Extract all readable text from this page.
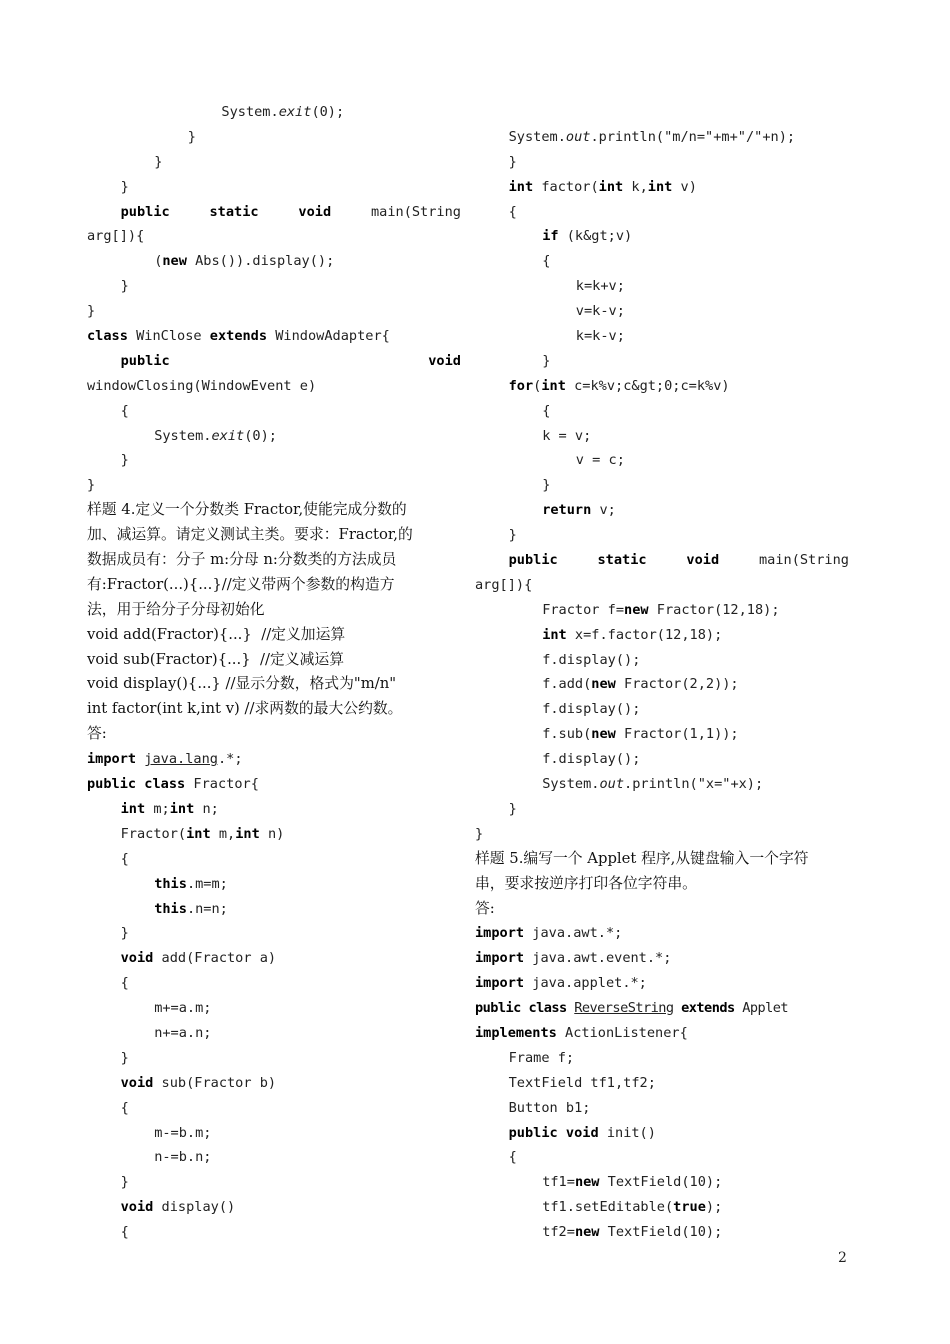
System.exit(0);
}
}
}
public	static	void	main(String
arg[]){
(new Abs()).display();
}
}
class WinClose extends WindowAdapter{
public	void
windowClosing(WindowEvent e)
{
System.exit(0);
}
}
样题 4.定义一个分数类 Fractor,使能完成分数的
加、减运算。请定义测试主类。要求：Fractor,的
数据成员有：分子 m:分母 n:分数类的方法成员
有:Fractor(...){...}//定义带两个参数的构造方
法，用于给分子分母初始化
void add(Fractor){...}  //定义加运算
void sub(Fractor){...}  //定义减运算
void display(){...} //显示分数，格式为"m/n"
int factor(int k,int v) //求两数的最大公约数。
答:
import java.lang.*;
public class Fractor{
int m;int n;
Fractor(int m,int n)
{
this.m=m;
this.n=n;
}
void add(Fractor a)
{
m+=a.m;
n+=a.n;
}
void sub(Fractor b)
{
m-=b.m;
n-=b.n;
}
void display()
{
System.out.println("m/n="+m+"/"+n);
}
int factor(int k,int v)
{
if (k&gt;v)
{
k=k+v;
v=k-v;
k=k-v;
}
for(int c=k%v;c&gt;0;c=k%v)
{
k = v;
v = c;
}
return v;
}
public	static	void	main(String
arg[]){
Fractor f=new Fractor(12,18);
int x=f.factor(12,18);
f.display();
f.add(new Fractor(2,2));
f.display();
f.sub(new Fractor(1,1));
f.display();
System.out.println("x="+x);
}
}
样题 5.编写一个 Applet 程序,从键盘输入一个字符
串，要求按逆序打印各位字符串。
答:
import java.awt.*;
import java.awt.event.*;
import java.applet.*;
public class ReverseString extends Applet
implements ActionListener{
Frame f;
TextField tf1,tf2;
Button b1;
public void init()
{
tf1=new TextField(10);
tf1.setEditable(true);
tf2=new TextField(10);
2
